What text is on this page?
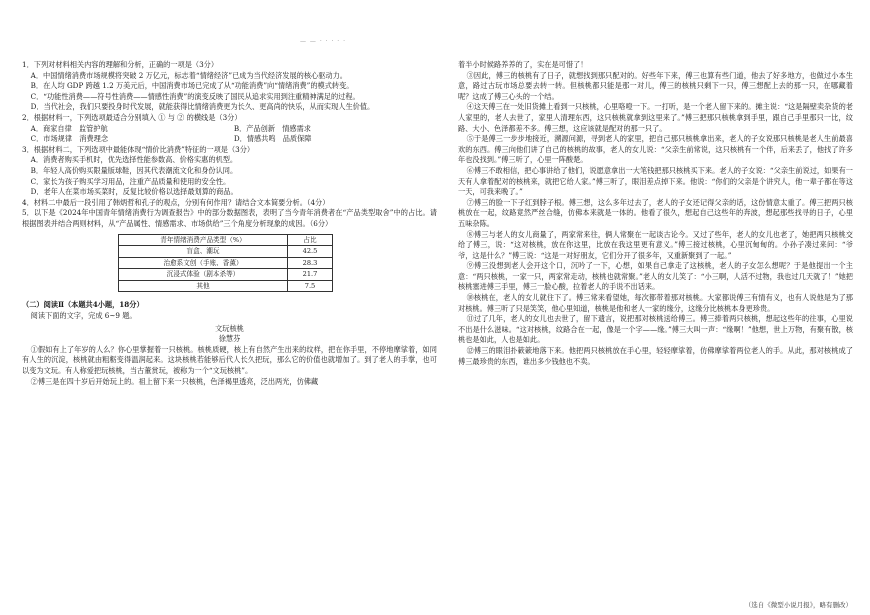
— — · · · · ·

1．下列对材料相关内容的理解和分析，正确的一项是（3分）

A．中国情绪消费市场规模将突破 2 万亿元，标志着“情绪经济”已成为当代经济发展的核心驱动力。

B．在人均 GDP 跨越 1.2 万美元后，中国消费市场已完成了从“功能消费”向“情绪消费”的模式转变。

C．“功能性消费——符号性消费——情感性消费”的演变反映了国民从追求实用到注重精神满足的过程。

D．当代社会，我们只要投身时代发展，就能获得比情绪消费更为长久、更高尚的快乐，从而实现人生价值。

2．根据材料一，下列选项最适合分别填入 ① 与 ② 的横线是（3分）

A．商家自律　监管护航	B．产品创新　情感需求
C．市场规律　消费理念	D．情感共鸣　品质保障

3．根据材料二，下列选项中最能体现“情价比消费”特征的一项是（3分）

A．消费者购买手机时，优先选择性能参数高、价格实惠的机型。

B．年轻人高价购买限量版球鞋，因其代表潮流文化和身份认同。

C．家长为孩子购买学习用品，注重产品质量和使用的安全性。

D．老年人在菜市场买菜时，反复比较价格以选择最划算的商品。

4．材料二中最后一段引用了韩炳哲和孔子的观点，分别有何作用？请结合文本简要分析。（4分）

5．以下是《2024年中国青年情绪消费行为调查报告》中的部分数据图表，表明了当今青年消费者在“产品类型取舍”中的占比。请根据图表并结合两则材料，从“产品属性、情感需求、市场供给”三个角度分析现象的成因。（6分）

青年情绪消费产品类型（%）	占比
盲盒、潮玩	42.5
治愈系文创（手账、香薰）	28.3
沉浸式体验（剧本杀等）	21.7
其他	7.5

（二）阅读Ⅱ（本题共4小题，18分）

阅读下面的文字，完成 6~9 题。

文玩核桃

徐慧芬

①假如有上了年岁的人么？你心里掌握着一只核桃。核桃质硬，核上有自然产生出来的纹样，把在你手里，不停地摩挲着，如同有人生的沉淀，核桃就由粗粝变得温润起来。这块核桃若能够后代人长久把玩，那么它的价值也就增加了。到了老人的手掌，也可以变为文玩。有人称爱把玩核桃，当古董赏玩，被称为一个“文玩核桃”。

②傅三是在四十岁后开始玩上的。祖上留下来一只核桃，色泽褐里透亮，泛出两光，仿佛藏

着半小时候路养养的了，实在是可惜了！

③因此，傅三的核桃有了日子，就想找到那只配对的。好些年下来，傅三也算有些门道，他去了好多地方，也做过小本生意，路过古玩市场总要去转一转。但核桃都只能是那一对儿，傅三的核桃只剩下一只，傅三想配上去的那一只，在哪藏着呢？这成了傅三心头的一个结。

④这天傅三在一处旧货摊上看到一只核桃，心里咯噔一下。一打听，是一个老人留下来的。摊主说：“这是隔壁卖杂货的老人家里的，老人去世了，家里人清理东西，这只核桃就拿到这里来了。”傅三把那只核桃拿到手里，跟自己手里那只一比，纹路、大小、色泽都差不多。傅三想，这应该就是配对的那一只了。

⑤于是傅三一步步地接近，溯源问源，寻到老人的家里，把自己那只核桃拿出来，老人的子女说那只核桃是老人生前最喜欢的东西。傅三向他们讲了自己的核桃的故事，老人的女儿说：“父亲生前常说，这只核桃有一个伴，后来丢了，他找了许多年也没找到。”傅三听了，心里一阵酸楚。

⑥傅三不敢相信，把心事讲给了他们，说愿意拿出一大笔钱把那只核桃买下来。老人的子女说：“父亲生前说过，如果有一天有人拿着配对的核桃来，就把它给人家。”傅三听了，眼泪差点掉下来。他说：“你们的父亲是个讲究人，他一辈子都在等这一天，可我来晚了。”

⑦傅三的脸一下子红到脖子根。傅三想，这么多年过去了，老人的子女还记得父亲的话，这份情意太重了。傅三把两只核桃放在一起，纹路竟然严丝合缝，仿佛本来就是一体的。他看了很久，想起自己这些年的奔波，想起那些找寻的日子，心里五味杂陈。

⑧傅三与老人的女儿商量了，两家常来往，俩人常聚在一起谈古论今。又过了些年，老人的女儿也老了，她把两只核桃交给了傅三，说：“这对核桃，放在你这里，比放在我这里更有意义。”傅三接过核桃，心里沉甸甸的。小孙子凑过来问：“爷爷，这是什么？”傅三说：“这是一对好朋友，它们分开了很多年，又重新聚到了一起。”

⑨傅三没想到老人会开这个口，沉吟了一下，心想，如果自己拿走了这核桃，老人的子女怎么想呢？于是他提出一个主意：“两只核桃，一家一只，两家常走动，核桃也就常聚。”老人的女儿笑了：“小三啊，人活不过物，我也过几天就了！”她把核桃塞进傅三手里，傅三一脸心酸，拉着老人的手说不出话来。

⑩核桃在，老人的女儿就住下了。傅三常来看望她，每次都带着那对核桃。大家都说傅三有情有义，也有人说他是为了那对核桃。傅三听了只是笑笑，他心里知道，核桃是他和老人一家的缘分，这缘分比核桃本身更珍贵。

⑪过了几年，老人的女儿也去世了，留下遗言，说把那对核桃送给傅三。傅三捧着两只核桃，想起这些年的往事，心里说不出是什么滋味。“这对核桃，纹路合在一起，像是一个字——缘。”傅三大叫一声：“缘啊！”他想，世上万物，有聚有散，核桃也是如此，人也是如此。

⑫傅三的眼泪扑簌簌地落下来。他把两只核桃放在手心里，轻轻摩挲着，仿佛摩挲着两位老人的手。从此，那对核桃成了傅三最珍贵的东西，谁出多少钱他也不卖。

（选自《微型小说月报》，略有删改）
